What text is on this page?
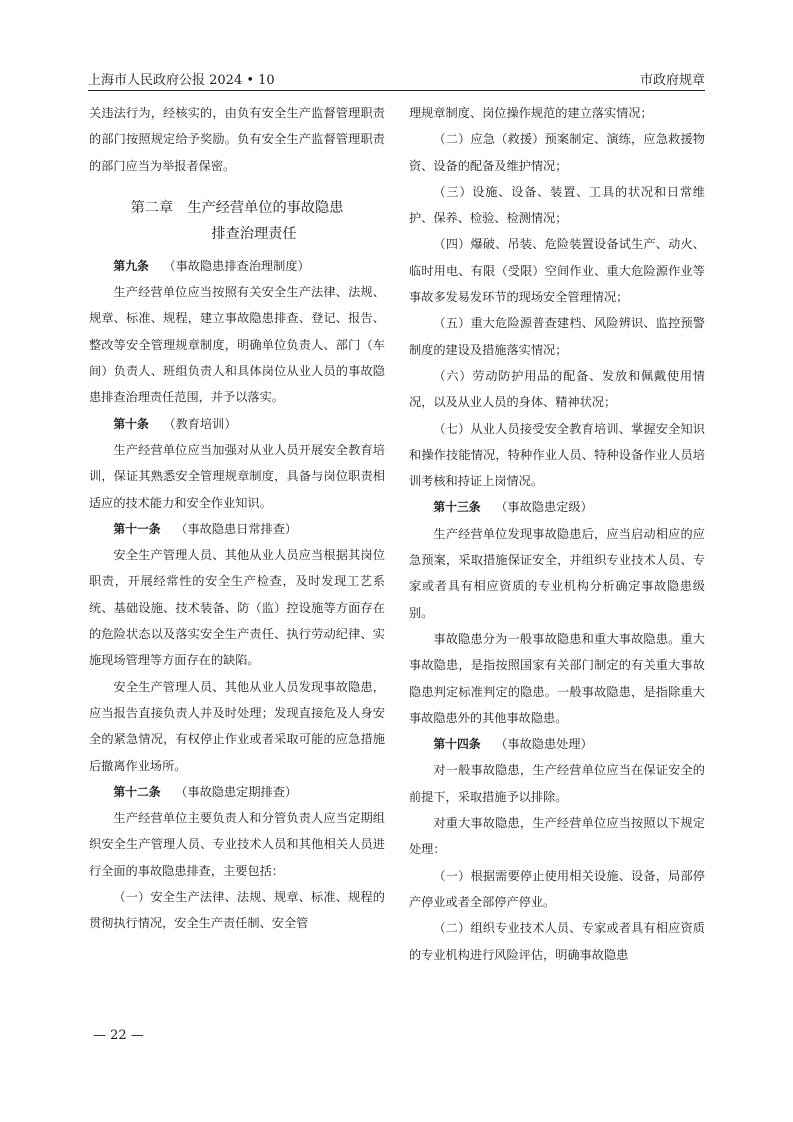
上海市人民政府公报 2024 • 10	市政府规章

关违法行为，经核实的，由负有安全生产监督管理职责的部门按照规定给予奖励。负有安全生产监督管理职责的部门应当为举报者保密。

第二章　生产经营单位的事故隐患
排查治理责任

第九条 （事故隐患排查治理制度）

生产经营单位应当按照有关安全生产法律、法规、规章、标准、规程，建立事故隐患排查、登记、报告、整改等安全管理规章制度，明确单位负责人、部门（车间）负责人、班组负责人和具体岗位从业人员的事故隐患排查治理责任范围，并予以落实。

第十条 （教育培训）

生产经营单位应当加强对从业人员开展安全教育培训，保证其熟悉安全管理规章制度，具备与岗位职责相适应的技术能力和安全作业知识。

第十一条 （事故隐患日常排查）

安全生产管理人员、其他从业人员应当根据其岗位职责，开展经常性的安全生产检查，及时发现工艺系统、基础设施、技术装备、防（监）控设施等方面存在的危险状态以及落实安全生产责任、执行劳动纪律、实施现场管理等方面存在的缺陷。

安全生产管理人员、其他从业人员发现事故隐患，应当报告直接负责人并及时处理；发现直接危及人身安全的紧急情况，有权停止作业或者采取可能的应急措施后撤离作业场所。

第十二条 （事故隐患定期排查）

生产经营单位主要负责人和分管负责人应当定期组织安全生产管理人员、专业技术人员和其他相关人员进行全面的事故隐患排查，主要包括：

（一）安全生产法律、法规、规章、标准、规程的贯彻执行情况，安全生产责任制、安全管

理规章制度、岗位操作规范的建立落实情况；

（二）应急（救援）预案制定、演练，应急救援物资、设备的配备及维护情况；

（三）设施、设备、装置、工具的状况和日常维护、保养、检验、检测情况；

（四）爆破、吊装、危险装置设备试生产、动火、临时用电、有限（受限）空间作业、重大危险源作业等事故多发易发环节的现场安全管理情况；

（五）重大危险源普查建档、风险辨识、监控预警制度的建设及措施落实情况；

（六）劳动防护用品的配备、发放和佩戴使用情况，以及从业人员的身体、精神状况；

（七）从业人员接受安全教育培训、掌握安全知识和操作技能情况，特种作业人员、特种设备作业人员培训考核和持证上岗情况。

第十三条 （事故隐患定级）

生产经营单位发现事故隐患后，应当启动相应的应急预案，采取措施保证安全，并组织专业技术人员、专家或者具有相应资质的专业机构分析确定事故隐患级别。

事故隐患分为一般事故隐患和重大事故隐患。重大事故隐患，是指按照国家有关部门制定的有关重大事故隐患判定标准判定的隐患。一般事故隐患，是指除重大事故隐患外的其他事故隐患。

第十四条 （事故隐患处理）

对一般事故隐患，生产经营单位应当在保证安全的前提下，采取措施予以排除。

对重大事故隐患，生产经营单位应当按照以下规定处理：

（一）根据需要停止使用相关设施、设备，局部停产停业或者全部停产停业。

（二）组织专业技术人员、专家或者具有相应资质的专业机构进行风险评估，明确事故隐患

— 22 —
